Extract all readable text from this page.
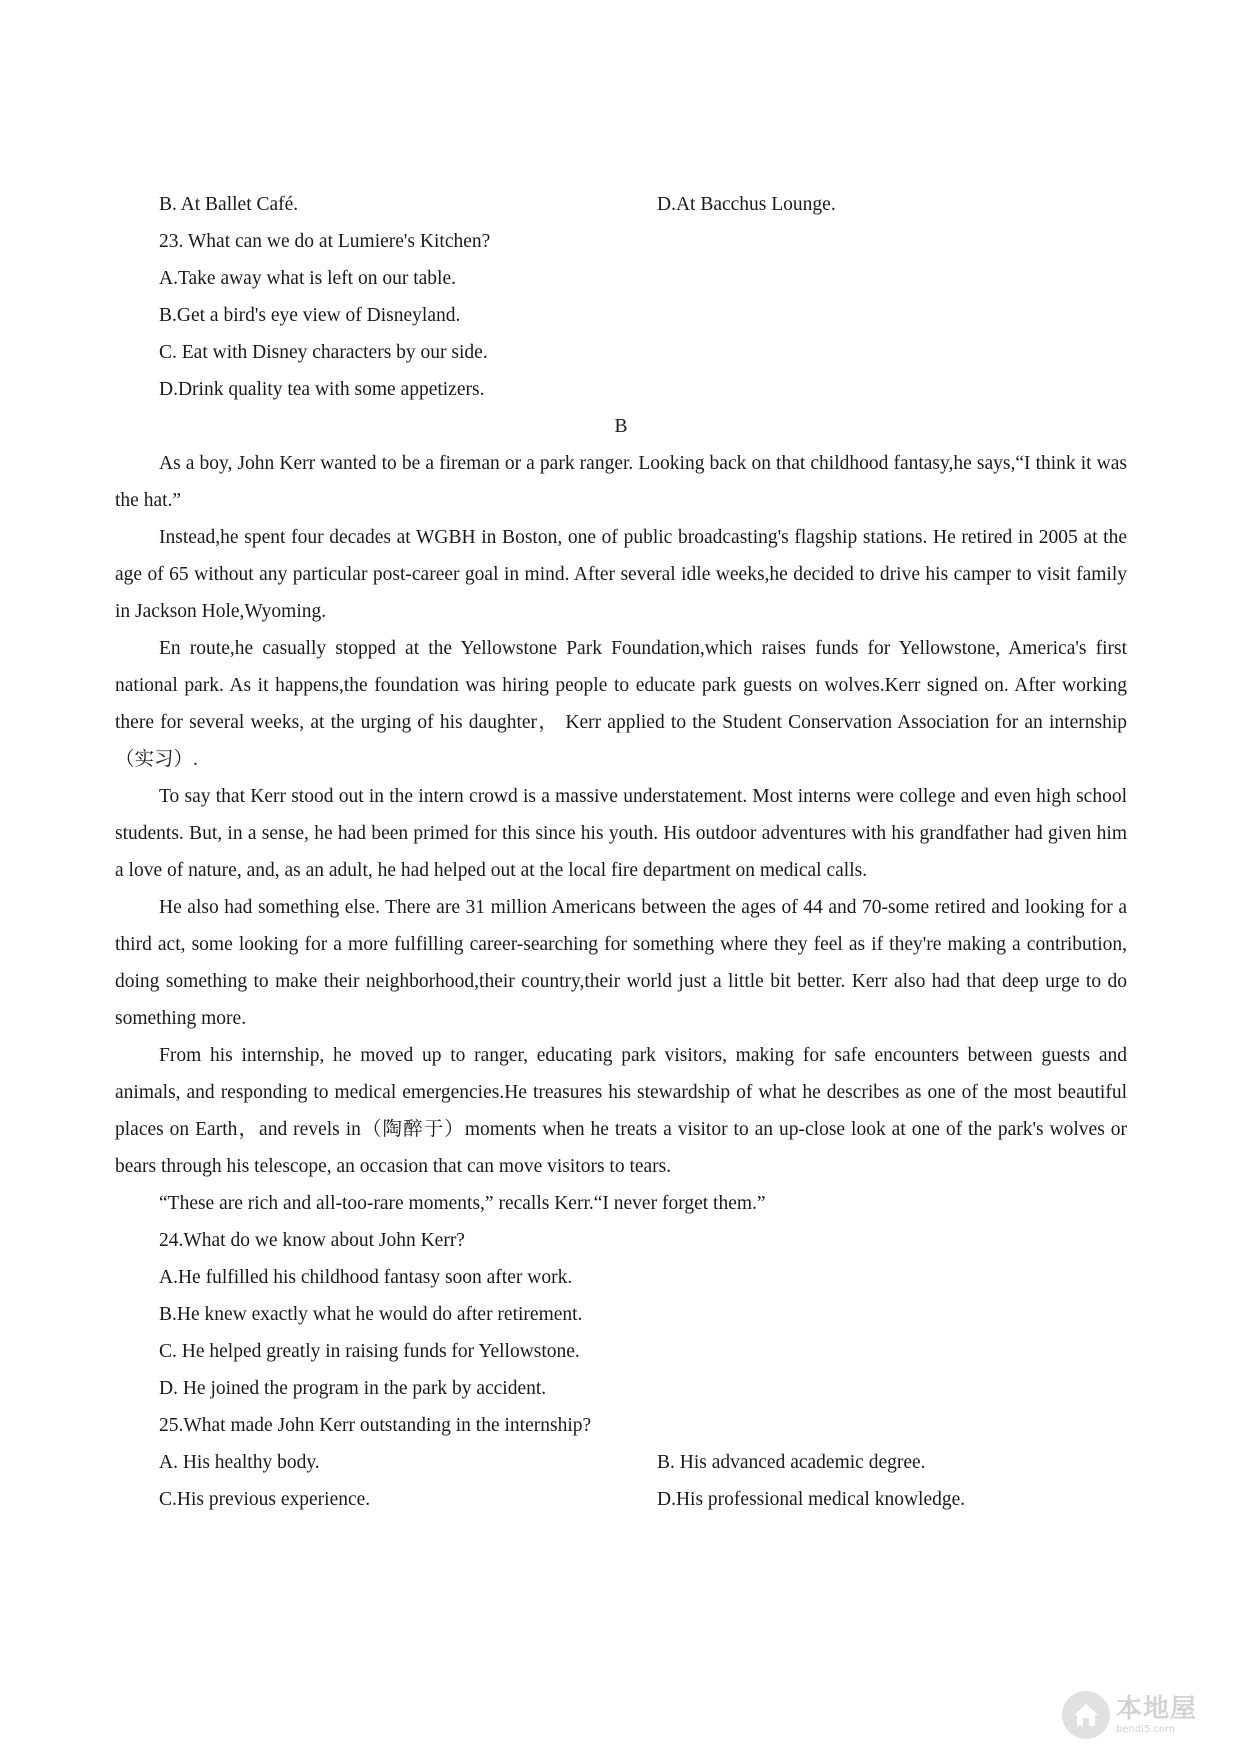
B. At Ballet Café.	D.At Bacchus Lounge.
23. What can we do at Lumiere's Kitchen?
A.Take away what is left on our table.
B.Get a bird's eye view of Disneyland.
C. Eat with Disney characters by our side.
D.Drink quality tea with some appetizers.
B
As a boy, John Kerr wanted to be a fireman or a park ranger. Looking back on that childhood fantasy,he says,“I think it was the hat.”
Instead,he spent four decades at WGBH in Boston, one of public broadcasting's flagship stations. He retired in 2005 at the age of 65 without any particular post-career goal in mind. After several idle weeks,he decided to drive his camper to visit family in Jackson Hole,Wyoming.
En route,he casually stopped at the Yellowstone Park Foundation,which raises funds for Yellowstone, America's first national park. As it happens,the foundation was hiring people to educate park guests on wolves.Kerr signed on. After working there for several weeks, at the urging of his daughter， Kerr applied to the Student Conservation Association for an internship（实习）.
To say that Kerr stood out in the intern crowd is a massive understatement. Most interns were college and even high school students. But, in a sense, he had been primed for this since his youth. His outdoor adventures with his grandfather had given him a love of nature, and, as an adult, he had helped out at the local fire department on medical calls.
He also had something else. There are 31 million Americans between the ages of 44 and 70-some retired and looking for a third act, some looking for a more fulfilling career-searching for something where they feel as if they're making a contribution, doing something to make their neighborhood,their country,their world just a little bit better. Kerr also had that deep urge to do something more.
From his internship, he moved up to ranger, educating park visitors, making for safe encounters between guests and animals, and responding to medical emergencies.He treasures his stewardship of what he describes as one of the most beautiful places on Earth，and revels in（陶醉于）moments when he treats a visitor to an up-close look at one of the park's wolves or bears through his telescope, an occasion that can move visitors to tears.
“These are rich and all-too-rare moments,” recalls Kerr.“I never forget them.”
24.What do we know about John Kerr?
A.He fulfilled his childhood fantasy soon after work.
B.He knew exactly what he would do after retirement.
C. He helped greatly in raising funds for Yellowstone.
D. He joined the program in the park by accident.
25.What made John Kerr outstanding in the internship?
A. His healthy body.	B. His advanced academic degree.
C.His previous experience.	D.His professional medical knowledge.
本地屋
bendi5.com
